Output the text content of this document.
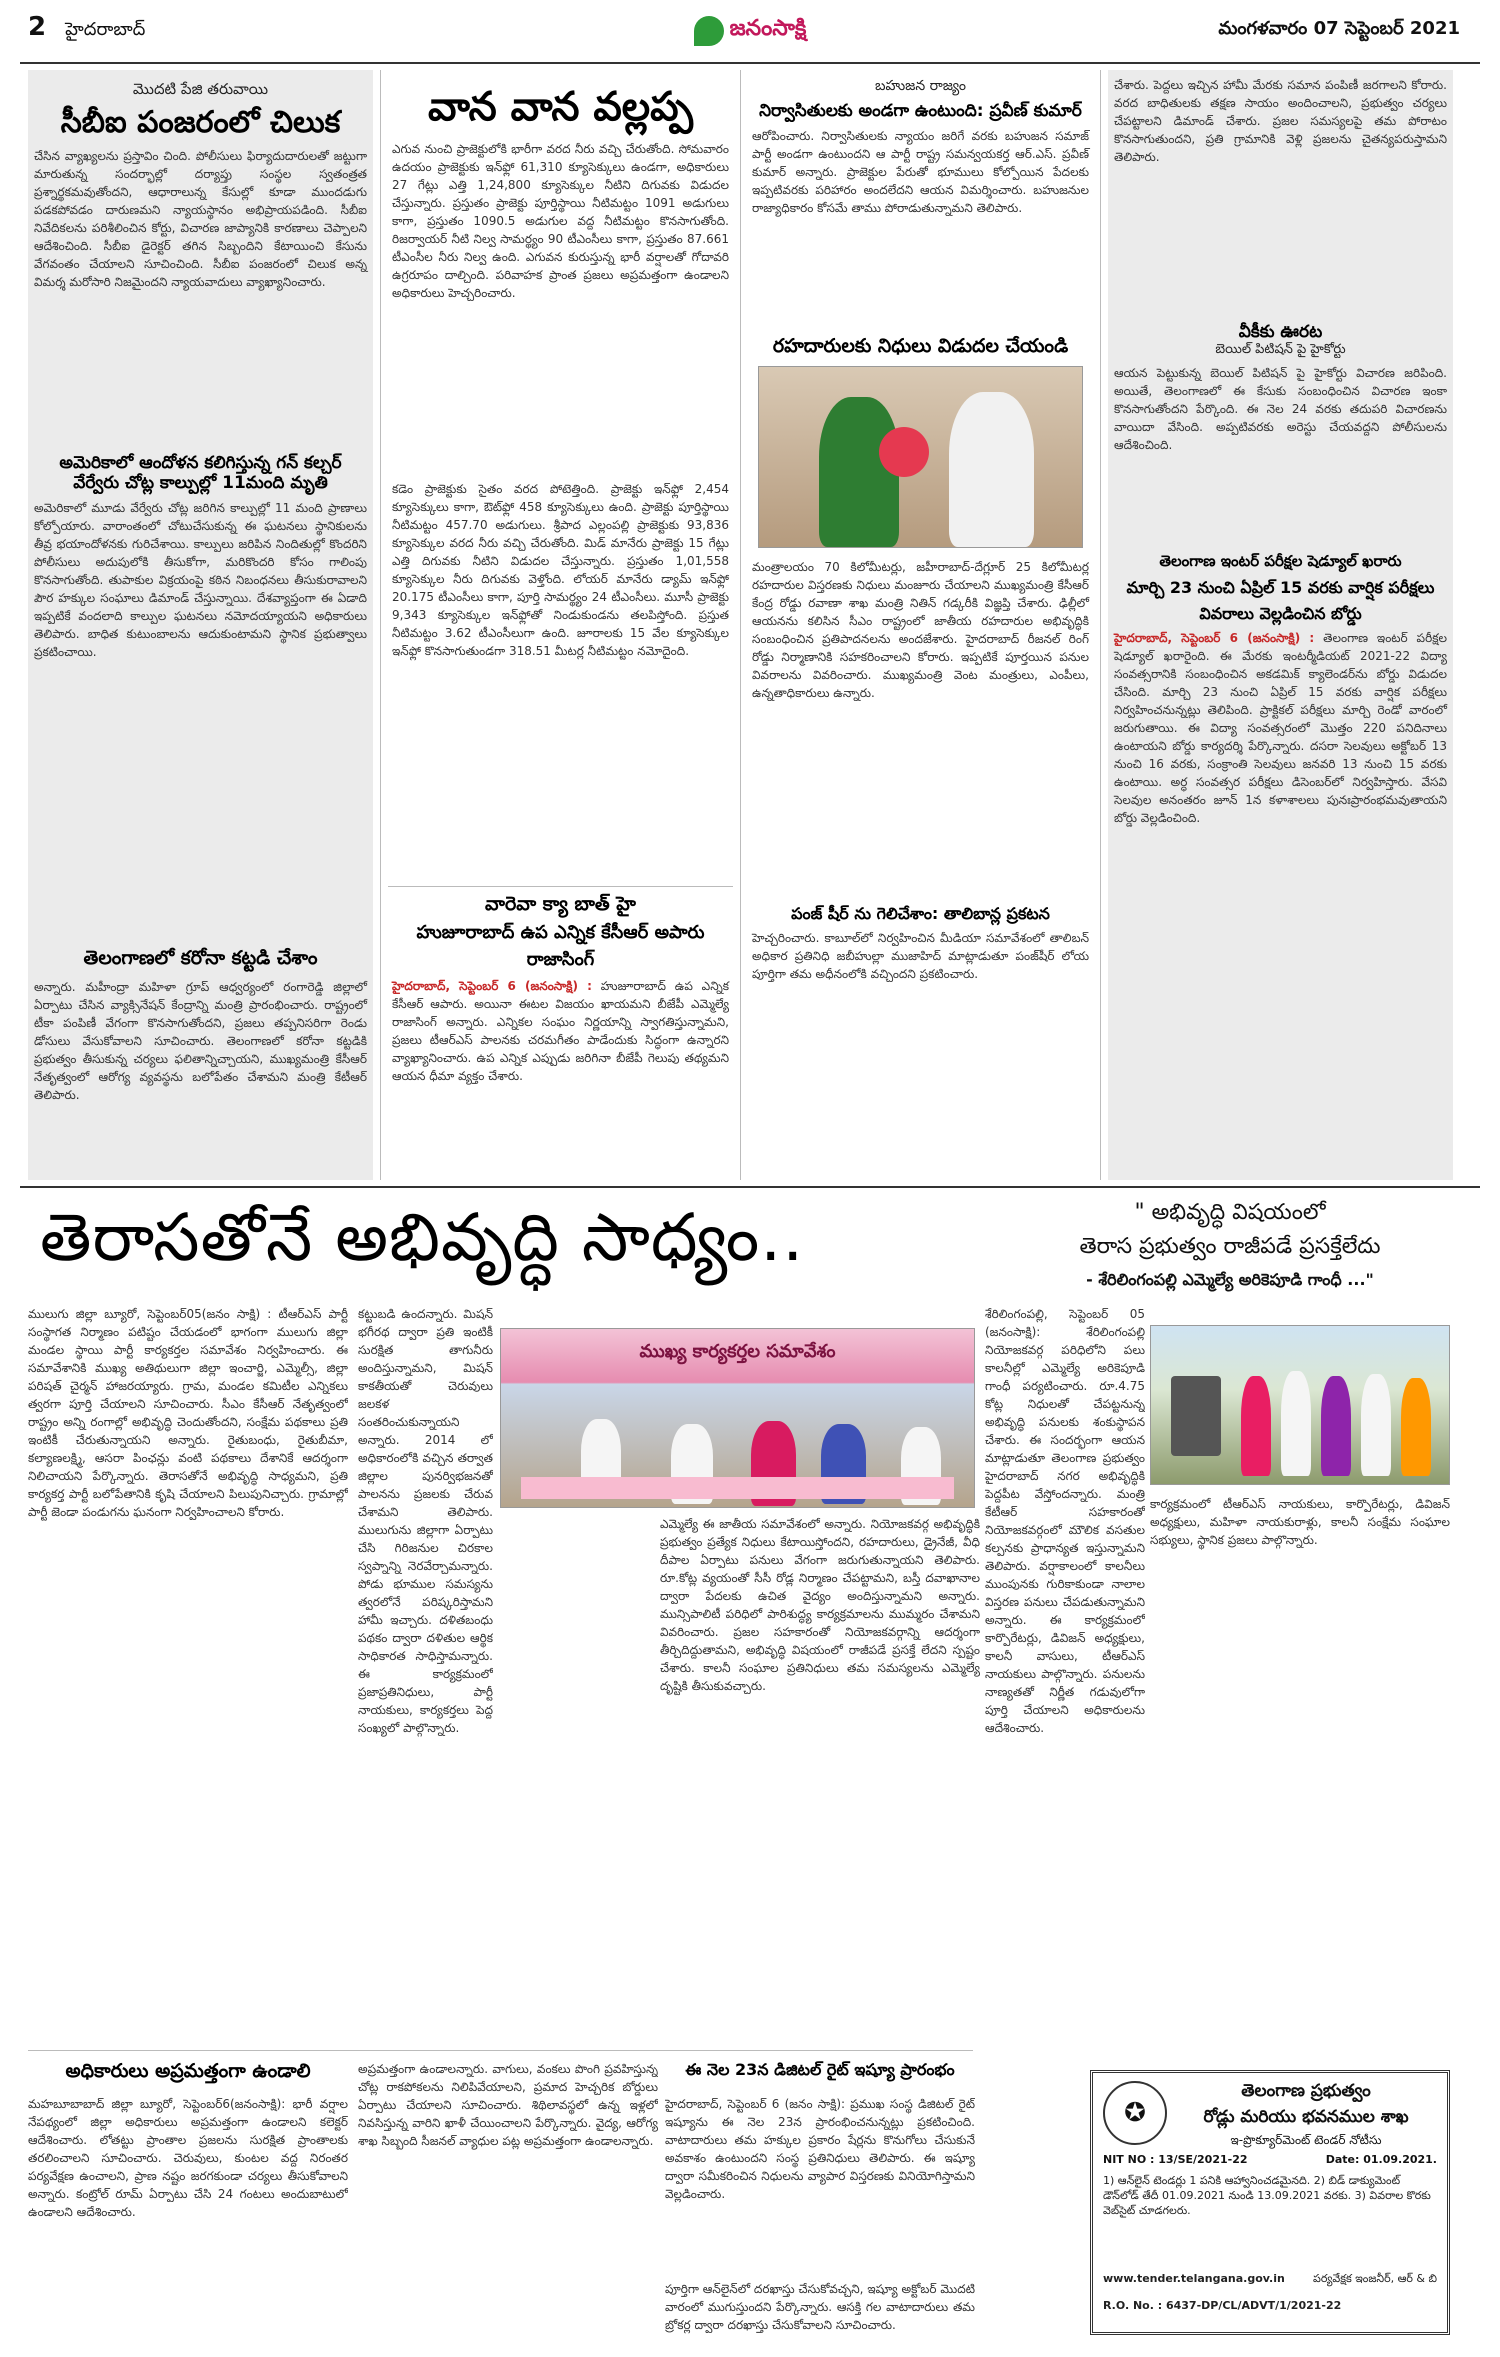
2 హైదరాబాద్	జనంసాక్షి	మంగళవారం 07 సెప్టెంబర్ 2021
మొదటి పేజి తరువాయి
సీబీఐ పంజరంలో చిలుక
చేసిన వ్యాఖ్యలను ప్రస్తావిం చింది. పోలీసులు ఫిర్యాదుదారులతో జట్టుగా మారుతున్న సందర్భాల్లో దర్యాప్తు సంస్థల స్వతంత్రత ప్రశ్నార్థకమవుతోందని, ఆధారాలున్న కేసుల్లో కూడా ముందడుగు పడకపోవడం దారుణమని న్యాయస్థానం అభిప్రాయపడింది. సీబీఐ నివేదికలను పరిశీలించిన కోర్టు, విచారణ జాప్యానికి కారణాలు చెప్పాలని ఆదేశించింది. సీబీఐ డైరెక్టర్ తగిన సిబ్బందిని కేటాయించి కేసును వేగవంతం చేయాలని సూచించింది. సీబీఐ పంజరంలో చిలుక అన్న విమర్శ మరోసారి నిజమైందని న్యాయవాదులు వ్యాఖ్యానించారు.
అమెరికాలో ఆందోళన కలిగిస్తున్న గన్ కల్చర్ వేర్వేరు చోట్ల కాల్పుల్లో 11మంది మృతి
అమెరికాలో మూడు వేర్వేరు చోట్ల జరిగిన కాల్పుల్లో 11 మంది ప్రాణాలు కోల్పోయారు. వారాంతంలో చోటుచేసుకున్న ఈ ఘటనలు స్థానికులను తీవ్ర భయాందోళనకు గురిచేశాయి. కాల్పులు జరిపిన నిందితుల్లో కొందరిని పోలీసులు అదుపులోకి తీసుకోగా, మరికొందరి కోసం గాలింపు కొనసాగుతోంది. తుపాకుల విక్రయంపై కఠిన నిబంధనలు తీసుకురావాలని పౌర హక్కుల సంఘాలు డిమాండ్ చేస్తున్నాయి. దేశవ్యాప్తంగా ఈ ఏడాది ఇప్పటికే వందలాది కాల్పుల ఘటనలు నమోదయ్యాయని అధికారులు తెలిపారు. బాధిత కుటుంబాలను ఆదుకుంటామని స్థానిక ప్రభుత్వాలు ప్రకటించాయి.
తెలంగాణలో కరోనా కట్టడి చేశాం
అన్నారు. మహీంద్రా మహిళా గ్రూప్ ఆధ్వర్యంలో రంగారెడ్డి జిల్లాలో ఏర్పాటు చేసిన వ్యాక్సినేషన్ కేంద్రాన్ని మంత్రి ప్రారంభించారు. రాష్ట్రంలో టీకా పంపిణీ వేగంగా కొనసాగుతోందని, ప్రజలు తప్పనిసరిగా రెండు డోసులు వేసుకోవాలని సూచించారు. తెలంగాణలో కరోనా కట్టడికి ప్రభుత్వం తీసుకున్న చర్యలు ఫలితాన్నిచ్చాయని, ముఖ్యమంత్రి కేసీఆర్ నేతృత్వంలో ఆరోగ్య వ్యవస్థను బలోపేతం చేశామని మంత్రి కేటీఆర్ తెలిపారు.
వాన వాన వల్లప్ప
ఎగువ నుంచి ప్రాజెక్టులోకి భారీగా వరద నీరు వచ్చి చేరుతోంది. సోమవారం ఉదయం ప్రాజెక్టుకు ఇన్‌ఫ్లో 61,310 క్యూసెక్కులు ఉండగా, అధికారులు 27 గేట్లు ఎత్తి 1,24,800 క్యూసెక్కుల నీటిని దిగువకు విడుదల చేస్తున్నారు. ప్రస్తుతం ప్రాజెక్టు పూర్తిస్థాయి నీటిమట్టం 1091 అడుగులు కాగా, ప్రస్తుతం 1090.5 అడుగుల వద్ద నీటిమట్టం కొనసాగుతోంది. రిజర్వాయర్ నీటి నిల్వ సామర్థ్యం 90 టీఎంసీలు కాగా, ప్రస్తుతం 87.661 టీఎంసీల నీరు నిల్వ ఉంది. ఎగువన కురుస్తున్న భారీ వర్షాలతో గోదావరి ఉగ్రరూపం దాల్చింది. పరివాహక ప్రాంత ప్రజలు అప్రమత్తంగా ఉండాలని అధికారులు హెచ్చరించారు.
కడెం ప్రాజెక్టుకు సైతం వరద పోటెత్తింది. ప్రాజెక్టు ఇన్‌ఫ్లో 2,454 క్యూసెక్కులు కాగా, ఔట్‌ఫ్లో 458 క్యూసెక్కులు ఉంది. ప్రాజెక్టు పూర్తిస్థాయి నీటిమట్టం 457.70 అడుగులు. శ్రీపాద ఎల్లంపల్లి ప్రాజెక్టుకు 93,836 క్యూసెక్కుల వరద నీరు వచ్చి చేరుతోంది. మిడ్ మానేరు ప్రాజెక్టు 15 గేట్లు ఎత్తి దిగువకు నీటిని విడుదల చేస్తున్నారు. ప్రస్తుతం 1,01,558 క్యూసెక్కుల నీరు దిగువకు వెళ్తోంది. లోయర్ మానేరు డ్యామ్ ఇన్‌ఫ్లో 20.175 టీఎంసీలు కాగా, పూర్తి సామర్థ్యం 24 టీఎంసీలు. మూసీ ప్రాజెక్టు 9,343 క్యూసెక్కుల ఇన్‌ఫ్లోతో నిండుకుండను తలపిస్తోంది. ప్రస్తుత నీటిమట్టం 3.62 టీఎంసీలుగా ఉంది. జూరాలకు 15 వేల క్యూసెక్కుల ఇన్‌ఫ్లో కొనసాగుతుండగా 318.51 మీటర్ల నీటిమట్టం నమోదైంది.
వారెవా క్యా బాత్ హై
హుజూరాబాద్ ఉప ఎన్నిక కేసీఆర్ అపారు
రాజాసింగ్
హైదరాబాద్, సెప్టెంబర్ 6 (జనంసాక్షి) : హుజూరాబాద్ ఉప ఎన్నిక కేసీఆర్ ఆపారు. అయినా ఈటల విజయం ఖాయమని బీజేపీ ఎమ్మెల్యే రాజాసింగ్ అన్నారు. ఎన్నికల సంఘం నిర్ణయాన్ని స్వాగతిస్తున్నామని, ప్రజలు టీఆర్ఎస్ పాలనకు చరమగీతం పాడేందుకు సిద్ధంగా ఉన్నారని వ్యాఖ్యానించారు. ఉప ఎన్నిక ఎప్పుడు జరిగినా బీజేపీ గెలుపు తథ్యమని ఆయన ధీమా వ్యక్తం చేశారు.
బహుజన రాజ్యం
నిర్వాసితులకు అండగా ఉంటుంది: ప్రవీణ్ కుమార్
ఆరోపించారు. నిర్వాసితులకు న్యాయం జరిగే వరకు బహుజన సమాజ్ పార్టీ అండగా ఉంటుందని ఆ పార్టీ రాష్ట్ర సమన్వయకర్త ఆర్.ఎస్. ప్రవీణ్ కుమార్ అన్నారు. ప్రాజెక్టుల పేరుతో భూములు కోల్పోయిన పేదలకు ఇప్పటివరకు పరిహారం అందలేదని ఆయన విమర్శించారు. బహుజనుల రాజ్యాధికారం కోసమే తాము పోరాడుతున్నామని తెలిపారు.
రహదారులకు నిధులు విడుదల చేయండి
మంత్రాలయం 70 కిలోమీటర్లు, జహీరాబాద్-దేగ్లూర్ 25 కిలోమీటర్ల రహదారుల విస్తరణకు నిధులు మంజూరు చేయాలని ముఖ్యమంత్రి కేసీఆర్ కేంద్ర రోడ్డు రవాణా శాఖ మంత్రి నితిన్ గడ్కరీకి విజ్ఞప్తి చేశారు. ఢిల్లీలో ఆయనను కలిసిన సీఎం రాష్ట్రంలో జాతీయ రహదారుల అభివృద్ధికి సంబంధించిన ప్రతిపాదనలను అందజేశారు. హైదరాబాద్ రీజనల్ రింగ్ రోడ్డు నిర్మాణానికి సహకరించాలని కోరారు. ఇప్పటికే పూర్తయిన పనుల వివరాలను వివరించారు. ముఖ్యమంత్రి వెంట మంత్రులు, ఎంపీలు, ఉన్నతాధికారులు ఉన్నారు.
పంజ్ షీర్ ను గెలిచేశాం: తాలిబాన్ల ప్రకటన
హెచ్చరించారు. కాబూల్‌లో నిర్వహించిన మీడియా సమావేశంలో తాలిబన్ అధికార ప్రతినిధి జబీహుల్లా ముజాహిద్ మాట్లాడుతూ పంజ్‌షీర్ లోయ పూర్తిగా తమ అధీనంలోకి వచ్చిందని ప్రకటించారు.
చేశారు. పెద్దలు ఇచ్చిన హామీ మేరకు సమాన పంపిణీ జరగాలని కోరారు. వరద బాధితులకు తక్షణ సాయం అందించాలని, ప్రభుత్వం చర్యలు చేపట్టాలని డిమాండ్ చేశారు. ప్రజల సమస్యలపై తమ పోరాటం కొనసాగుతుందని, ప్రతి గ్రామానికి వెళ్లి ప్రజలను చైతన్యపరుస్తామని తెలిపారు.
వీకీకు ఊరట
బెయిల్ పిటిషన్ పై హైకోర్టు
ఆయన పెట్టుకున్న బెయిల్ పిటిషన్ పై హైకోర్టు విచారణ జరిపింది. అయితే, తెలంగాణలో ఈ కేసుకు సంబంధించిన విచారణ ఇంకా కొనసాగుతోందని పేర్కొంది. ఈ నెల 24 వరకు తదుపరి విచారణను వాయిదా వేసింది. అప్పటివరకు అరెస్టు చేయవద్దని పోలీసులను ఆదేశించింది.
తెలంగాణ ఇంటర్ పరీక్షల షెడ్యూల్ ఖరారు
మార్చి 23 నుంచి ఏప్రిల్ 15 వరకు వార్షిక పరీక్షలు
వివరాలు వెల్లడించిన బోర్డు
హైదరాబాద్, సెప్టెంబర్ 6 (జనంసాక్షి) : తెలంగాణ ఇంటర్ పరీక్షల షెడ్యూల్ ఖరారైంది. ఈ మేరకు ఇంటర్మీడియట్ 2021-22 విద్యా సంవత్సరానికి సంబంధించిన అకడమిక్ క్యాలెండర్‌ను బోర్డు విడుదల చేసింది. మార్చి 23 నుంచి ఏప్రిల్ 15 వరకు వార్షిక పరీక్షలు నిర్వహించనున్నట్లు తెలిపింది. ప్రాక్టికల్ పరీక్షలు మార్చి రెండో వారంలో జరుగుతాయి. ఈ విద్యా సంవత్సరంలో మొత్తం 220 పనిదినాలు ఉంటాయని బోర్డు కార్యదర్శి పేర్కొన్నారు. దసరా సెలవులు అక్టోబర్ 13 నుంచి 16 వరకు, సంక్రాంతి సెలవులు జనవరి 13 నుంచి 15 వరకు ఉంటాయి. అర్ధ సంవత్సర పరీక్షలు డిసెంబర్‌లో నిర్వహిస్తారు. వేసవి సెలవుల అనంతరం జూన్ 1న కళాశాలలు పునఃప్రారంభమవుతాయని బోర్డు వెల్లడించింది.
తెరాసతోనే అభివృద్ధి సాధ్యం..	" అభివృద్ధి విషయంలో
తెరాస ప్రభుత్వం రాజీపడే ప్రసక్తేలేదు
- శేరిలింగంపల్లి ఎమ్మెల్యే అరికెపూడి గాంధీ ..."
ములుగు జిల్లా బ్యూరో, సెప్టెంబర్05(జనం సాక్షి) : టీఆర్ఎస్ పార్టీ సంస్థాగత నిర్మాణం పటిష్టం చేయడంలో భాగంగా ములుగు జిల్లా మండల స్థాయి పార్టీ కార్యకర్తల సమావేశం నిర్వహించారు. ఈ సమావేశానికి ముఖ్య అతిథులుగా జిల్లా ఇంచార్జి, ఎమ్మెల్సీ, జిల్లా పరిషత్ చైర్మన్ హాజరయ్యారు. గ్రామ, మండల కమిటీల ఎన్నికలు త్వరగా పూర్తి చేయాలని సూచించారు. సీఎం కేసీఆర్ నేతృత్వంలో రాష్ట్రం అన్ని రంగాల్లో అభివృద్ధి చెందుతోందని, సంక్షేమ పథకాలు ప్రతి ఇంటికీ చేరుతున్నాయని అన్నారు. రైతుబంధు, రైతుబీమా, కల్యాణలక్ష్మి, ఆసరా పింఛన్లు వంటి పథకాలు దేశానికే ఆదర్శంగా నిలిచాయని పేర్కొన్నారు. తెరాసతోనే అభివృద్ధి సాధ్యమని, ప్రతి కార్యకర్త పార్టీ బలోపేతానికి కృషి చేయాలని పిలుపునిచ్చారు. గ్రామాల్లో పార్టీ జెండా పండుగను ఘనంగా నిర్వహించాలని కోరారు.
ముఖ్య కార్యకర్తల సమావేశం
కట్టుబడి ఉందన్నారు. మిషన్ భగీరథ ద్వారా ప్రతి ఇంటికీ సురక్షిత తాగునీరు అందిస్తున్నామని, మిషన్ కాకతీయతో చెరువులు జలకళ సంతరించుకున్నాయని అన్నారు. 2014 లో అధికారంలోకి వచ్చిన తర్వాత జిల్లాల పునర్విభజనతో పాలనను ప్రజలకు చేరువ చేశామని తెలిపారు. ములుగును జిల్లాగా ఏర్పాటు చేసి గిరిజనుల చిరకాల స్వప్నాన్ని నెరవేర్చామన్నారు. పోడు భూముల సమస్యను త్వరలోనే పరిష్కరిస్తామని హామీ ఇచ్చారు. దళితబంధు పథకం ద్వారా దళితుల ఆర్థిక సాధికారత సాధిస్తామన్నారు. ఈ కార్యక్రమంలో ప్రజాప్రతినిధులు, పార్టీ నాయకులు, కార్యకర్తలు పెద్ద సంఖ్యలో పాల్గొన్నారు.
ఎమ్మెల్యే ఈ జాతీయ సమావేశంలో అన్నారు. నియోజకవర్గ అభివృద్ధికి ప్రభుత్వం ప్రత్యేక నిధులు కేటాయిస్తోందని, రహదారులు, డ్రైనేజీ, వీధి దీపాల ఏర్పాటు పనులు వేగంగా జరుగుతున్నాయని తెలిపారు. రూ.కోట్ల వ్యయంతో సీసీ రోడ్ల నిర్మాణం చేపట్టామని, బస్తీ దవాఖానాల ద్వారా పేదలకు ఉచిత వైద్యం అందిస్తున్నామని అన్నారు. మున్సిపాలిటీ పరిధిలో పారిశుద్ధ్య కార్యక్రమాలను ముమ్మరం చేశామని వివరించారు. ప్రజల సహకారంతో నియోజకవర్గాన్ని ఆదర్శంగా తీర్చిదిద్దుతామని, అభివృద్ధి విషయంలో రాజీపడే ప్రసక్తే లేదని స్పష్టం చేశారు. కాలనీ సంఘాల ప్రతినిధులు తమ సమస్యలను ఎమ్మెల్యే దృష్టికి తీసుకువచ్చారు.
శేరిలింగంపల్లి, సెప్టెంబర్ 05 (జనంసాక్షి): శేరిలింగంపల్లి నియోజకవర్గ పరిధిలోని పలు కాలనీల్లో ఎమ్మెల్యే అరికెపూడి గాంధీ పర్యటించారు. రూ.4.75 కోట్ల నిధులతో చేపట్టనున్న అభివృద్ధి పనులకు శంకుస్థాపన చేశారు. ఈ సందర్భంగా ఆయన మాట్లాడుతూ తెలంగాణ ప్రభుత్వం హైదరాబాద్ నగర అభివృద్ధికి పెద్దపీట వేస్తోందన్నారు. మంత్రి కేటీఆర్ సహకారంతో నియోజకవర్గంలో మౌలిక వసతుల కల్పనకు ప్రాధాన్యత ఇస్తున్నామని తెలిపారు. వర్షాకాలంలో కాలనీలు ముంపునకు గురికాకుండా నాలాల విస్తరణ పనులు చేపడుతున్నామని అన్నారు. ఈ కార్యక్రమంలో కార్పొరేటర్లు, డివిజన్ అధ్యక్షులు, కాలనీ వాసులు, టీఆర్ఎస్ నాయకులు పాల్గొన్నారు. పనులను నాణ్యతతో నిర్ణీత గడువులోగా పూర్తి చేయాలని అధికారులను ఆదేశించారు.
కార్యక్రమంలో టీఆర్ఎస్ నాయకులు, కార్పొరేటర్లు, డివిజన్ అధ్యక్షులు, మహిళా నాయకురాళ్లు, కాలనీ సంక్షేమ సంఘాల సభ్యులు, స్థానిక ప్రజలు పాల్గొన్నారు.
అధికారులు అప్రమత్తంగా ఉండాలి
మహబూబాబాద్ జిల్లా బ్యూరో, సెప్టెంబర్6(జనంసాక్షి): భారీ వర్షాల నేపథ్యంలో జిల్లా అధికారులు అప్రమత్తంగా ఉండాలని కలెక్టర్ ఆదేశించారు. లోతట్టు ప్రాంతాల ప్రజలను సురక్షిత ప్రాంతాలకు తరలించాలని సూచించారు. చెరువులు, కుంటల వద్ద నిరంతర పర్యవేక్షణ ఉంచాలని, ప్రాణ నష్టం జరగకుండా చర్యలు తీసుకోవాలని అన్నారు. కంట్రోల్ రూమ్ ఏర్పాటు చేసి 24 గంటలు అందుబాటులో ఉండాలని ఆదేశించారు.
అప్రమత్తంగా ఉండాలన్నారు. వాగులు, వంకలు పొంగి ప్రవహిస్తున్న చోట్ల రాకపోకలను నిలిపివేయాలని, ప్రమాద హెచ్చరిక బోర్డులు ఏర్పాటు చేయాలని సూచించారు. శిథిలావస్థలో ఉన్న ఇళ్లలో నివసిస్తున్న వారిని ఖాళీ చేయించాలని పేర్కొన్నారు. వైద్య, ఆరోగ్య శాఖ సిబ్బంది సీజనల్ వ్యాధుల పట్ల అప్రమత్తంగా ఉండాలన్నారు.
ఈ నెల 23న డిజిటల్ రైట్ ఇష్యూ ప్రారంభం
హైదరాబాద్, సెప్టెంబర్ 6 (జనం సాక్షి): ప్రముఖ సంస్థ డిజిటల్ రైట్ ఇష్యూను ఈ నెల 23న ప్రారంభించనున్నట్లు ప్రకటించింది. వాటాదారులు తమ హక్కుల ప్రకారం షేర్లను కొనుగోలు చేసుకునే అవకాశం ఉంటుందని సంస్థ ప్రతినిధులు తెలిపారు. ఈ ఇష్యూ ద్వారా సమీకరించిన నిధులను వ్యాపార విస్తరణకు వినియోగిస్తామని వెల్లడించారు.
పూర్తిగా ఆన్‌లైన్‌లో దరఖాస్తు చేసుకోవచ్చని, ఇష్యూ అక్టోబర్ మొదటి వారంలో ముగుస్తుందని పేర్కొన్నారు. ఆసక్తి గల వాటాదారులు తమ బ్రోకర్ల ద్వారా దరఖాస్తు చేసుకోవాలని సూచించారు.
✪
తెలంగాణ ప్రభుత్వం
రోడ్లు మరియు భవనముల శాఖ
ఇ-ప్రొక్యూర్‌మెంట్ టెండర్ నోటీసు
NIT NO : 13/SE/2021-22	Date: 01.09.2021.
1) ఆన్‌లైన్ టెండర్లు 1 పనికి ఆహ్వానించడమైనది. 2) బిడ్ డాక్యుమెంట్ డౌన్‌లోడ్ తేదీ 01.09.2021 నుండి 13.09.2021 వరకు. 3) వివరాల కొరకు వెబ్‌సైట్ చూడగలరు.
www.tender.telangana.gov.in	పర్యవేక్షక ఇంజనీర్, ఆర్ & బి
R.O. No. : 6437-DP/CL/ADVT/1/2021-22
